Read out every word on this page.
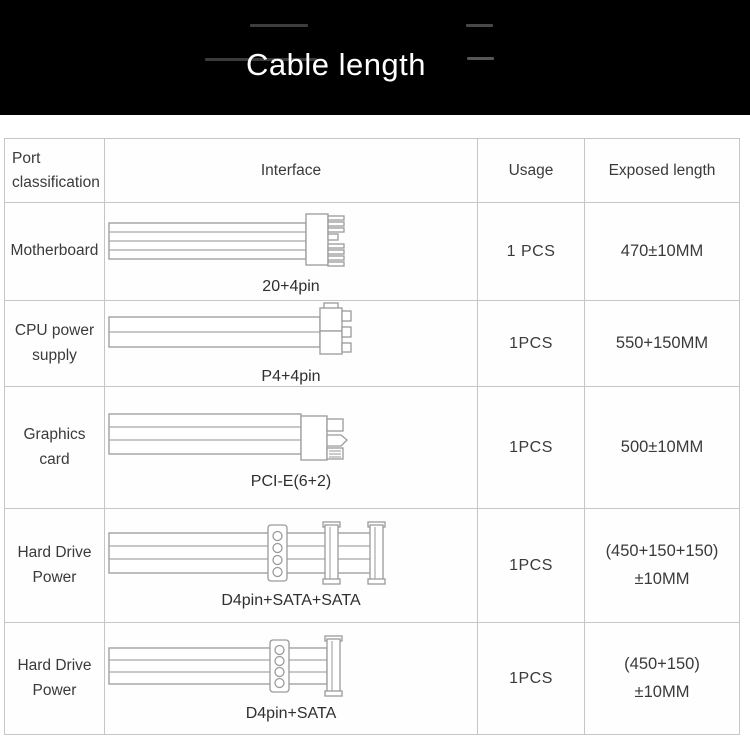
Cable length
Port classification	Interface	Usage	Exposed length
Motherboard	20+4pin	1 PCS	470±10MM

CPU power supply	P4+4pin	1PCS	550+150MM

Graphics card	PCI-E(6+2)	1PCS	500±10MM

Hard Drive Power	D4pin+SATA+SATA	1PCS	(450+150+150)
±10MM

Hard Drive Power	D4pin+SATA	1PCS	(450+150)
±10MM
